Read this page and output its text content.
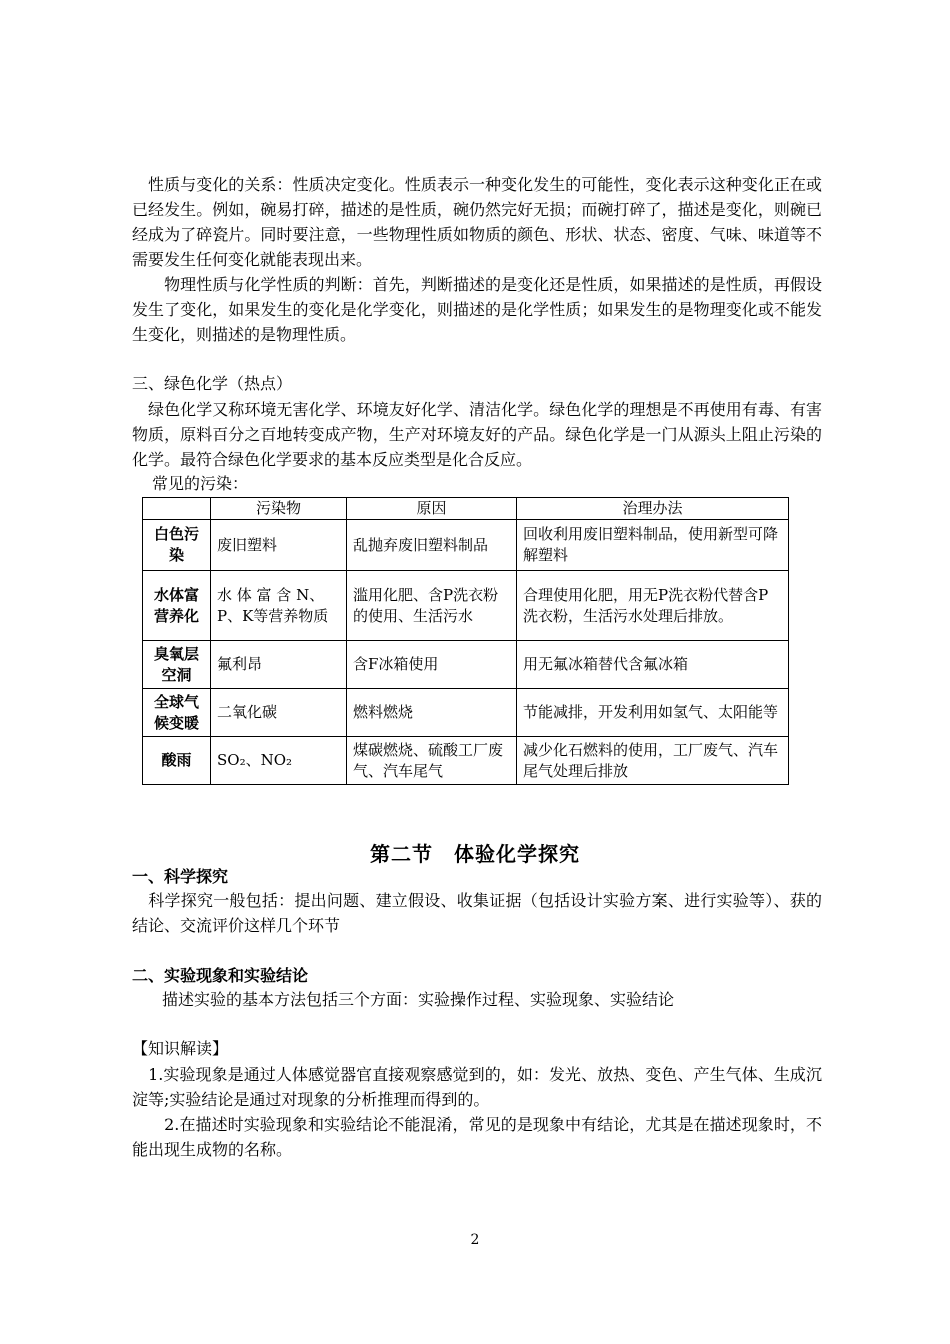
　性质与变化的关系：性质决定变化。性质表示一种变化发生的可能性，变化表示这种变化正在或已经发生。例如，碗易打碎，描述的是性质，碗仍然完好无损；而碗打碎了，描述是变化，则碗已经成为了碎瓷片。同时要注意，一些物理性质如物质的颜色、形状、状态、密度、气味、味道等不需要发生任何变化就能表现出来。
　　物理性质与化学性质的判断：首先，判断描述的是变化还是性质，如果描述的是性质，再假设发生了变化，如果发生的变化是化学变化，则描述的是化学性质；如果发生的是物理变化或不能发生变化，则描述的是物理性质。
三、绿色化学（热点）
　绿色化学又称环境无害化学、环境友好化学、清洁化学。绿色化学的理想是不再使用有毒、有害物质，原料百分之百地转变成产物，生产对环境友好的产品。绿色化学是一门从源头上阻止污染的化学。最符合绿色化学要求的基本反应类型是化合反应。
常见的污染：
	污染物	原因	治理办法
白色污染	废旧塑料	乱抛弃废旧塑料制品	回收利用废旧塑料制品，使用新型可降解塑料
水体富营养化	水 体 富 含 N、P、K等营养物质	滥用化肥、含P洗衣粉的使用、生活污水	合理使用化肥，用无P洗衣粉代替含P洗衣粉，生活污水处理后排放。
臭氧层空洞	氟利昂	含F冰箱使用	用无氟冰箱替代含氟冰箱
全球气候变暖	二氧化碳	燃料燃烧	节能减排，开发利用如氢气、太阳能等
酸雨	SO₂、NO₂	煤碳燃烧、硫酸工厂废气、汽车尾气	减少化石燃料的使用，工厂废气、汽车尾气处理后排放
第二节　体验化学探究
一、科学探究
　科学探究一般包括：提出问题、建立假设、收集证据（包括设计实验方案、进行实验等）、获的结论、交流评价这样几个环节
二、实验现象和实验结论
描述实验的基本方法包括三个方面：实验操作过程、实验现象、实验结论
【知识解读】
　1.实验现象是通过人体感觉器官直接观察感觉到的，如：发光、放热、变色、产生气体、生成沉淀等;实验结论是通过对现象的分析推理而得到的。
　　2.在描述时实验现象和实验结论不能混淆，常见的是现象中有结论，尤其是在描述现象时，不能出现生成物的名称。
2
